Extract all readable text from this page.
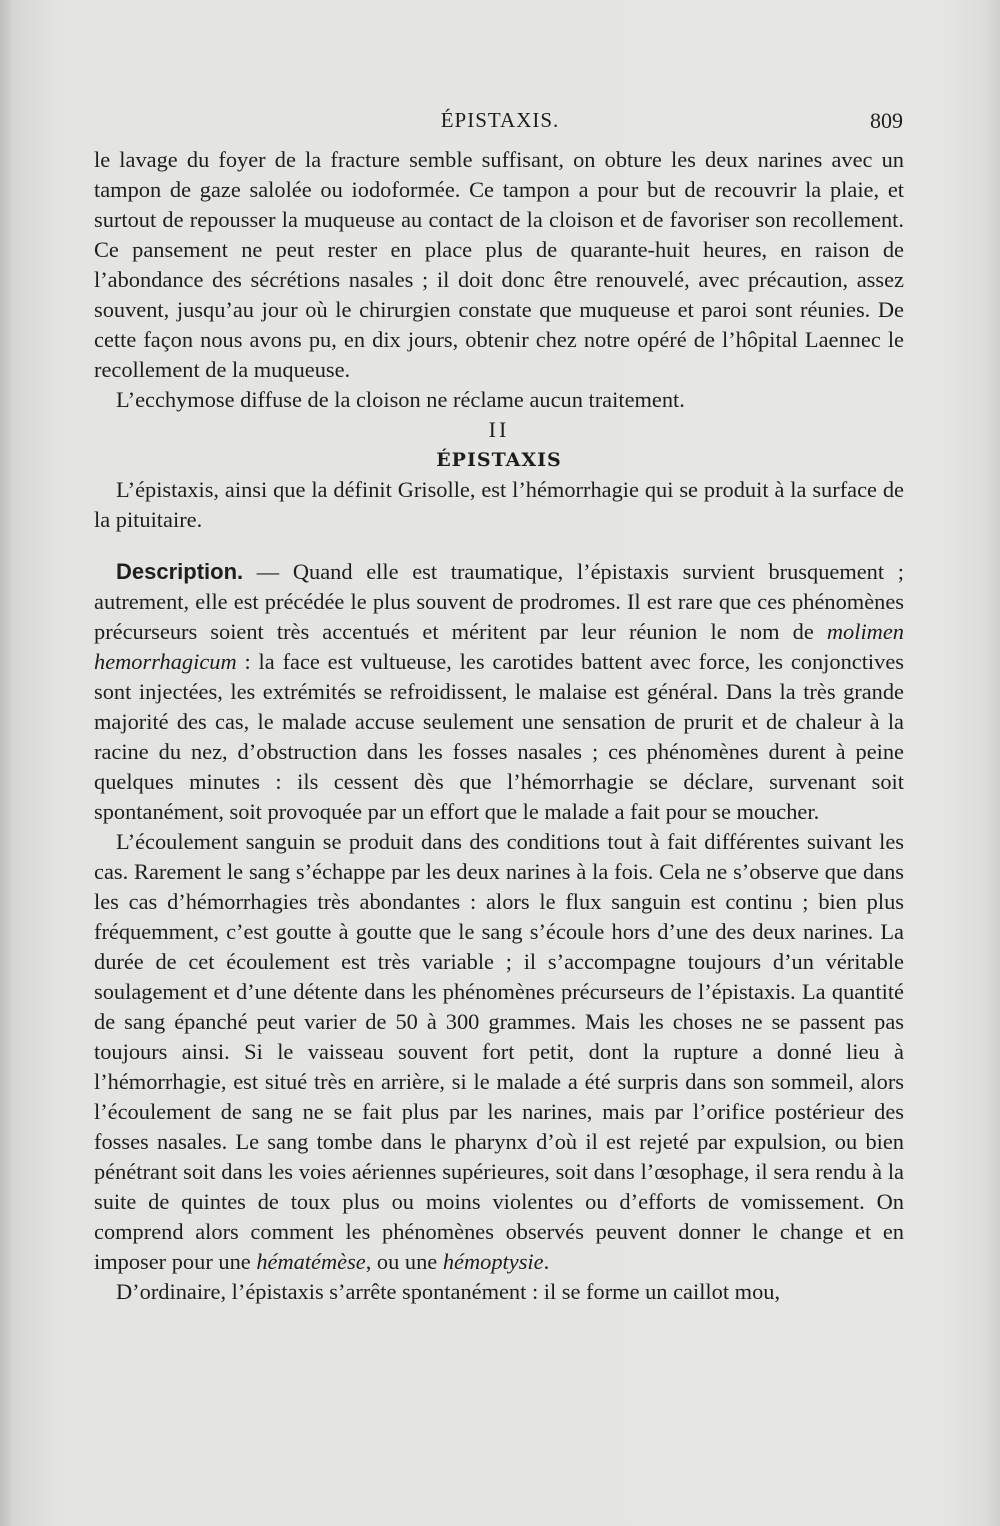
ÉPISTAXIS.	809

le lavage du foyer de la fracture semble suffisant, on obture les deux narines avec un tampon de gaze salolée ou iodoformée. Ce tampon a pour but de recouvrir la plaie, et surtout de repousser la muqueuse au contact de la cloison et de favoriser son recollement. Ce pansement ne peut rester en place plus de quarante-huit heures, en raison de l’abondance des sécrétions nasales ; il doit donc être renouvelé, avec précaution, assez souvent, jusqu’au jour où le chirurgien constate que muqueuse et paroi sont réunies. De cette façon nous avons pu, en dix jours, obtenir chez notre opéré de l’hôpital Laennec le recollement de la muqueuse.

L’ecchymose diffuse de la cloison ne réclame aucun traitement.

II

ÉPISTAXIS

L’épistaxis, ainsi que la définit Grisolle, est l’hémorrhagie qui se produit à la surface de la pituitaire.

Description. — Quand elle est traumatique, l’épistaxis survient brusquement ; autrement, elle est précédée le plus souvent de prodromes. Il est rare que ces phénomènes précurseurs soient très accentués et méritent par leur réunion le nom de molimen hemorrhagicum : la face est vultueuse, les carotides battent avec force, les conjonctives sont injectées, les extrémités se refroidissent, le malaise est général. Dans la très grande majorité des cas, le malade accuse seulement une sensation de prurit et de chaleur à la racine du nez, d’obstruction dans les fosses nasales ; ces phénomènes durent à peine quelques minutes : ils cessent dès que l’hémorrhagie se déclare, survenant soit spontanément, soit provoquée par un effort que le malade a fait pour se moucher.

L’écoulement sanguin se produit dans des conditions tout à fait différentes suivant les cas. Rarement le sang s’échappe par les deux narines à la fois. Cela ne s’observe que dans les cas d’hémorrhagies très abondantes : alors le flux sanguin est continu ; bien plus fréquemment, c’est goutte à goutte que le sang s’écoule hors d’une des deux narines. La durée de cet écoulement est très variable ; il s’accompagne toujours d’un véritable soulagement et d’une détente dans les phénomènes précurseurs de l’épistaxis. La quantité de sang épanché peut varier de 50 à 300 grammes. Mais les choses ne se passent pas toujours ainsi. Si le vaisseau souvent fort petit, dont la rupture a donné lieu à l’hémorrhagie, est situé très en arrière, si le malade a été surpris dans son sommeil, alors l’écoulement de sang ne se fait plus par les narines, mais par l’orifice postérieur des fosses nasales. Le sang tombe dans le pharynx d’où il est rejeté par expulsion, ou bien pénétrant soit dans les voies aériennes supérieures, soit dans l’œsophage, il sera rendu à la suite de quintes de toux plus ou moins violentes ou d’efforts de vomissement. On comprend alors comment les phénomènes observés peuvent donner le change et en imposer pour une hématémèse, ou une hémoptysie.

D’ordinaire, l’épistaxis s’arrête spontanément : il se forme un caillot mou,
